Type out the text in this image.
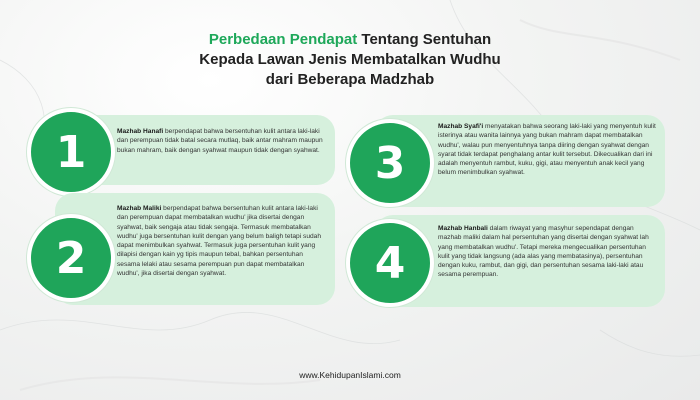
Perbedaan Pendapat Tentang Sentuhan
Kepada Lawan Jenis Membatalkan Wudhu
dari Beberapa Madzhab
1	Mazhab Hanafi berpendapat bahwa bersentuhan kulit antara laki-laki dan perempuan tidak batal secara mutlaq, baik antar mahram maupun bukan mahram, baik dengan syahwat maupun tidak dengan syahwat.
2
Mazhab Maliki berpendapat bahwa bersentuhan kulit antara laki-laki dan perempuan dapat membatalkan wudhu' jika disertai dengan syahwat, baik sengaja atau tidak sengaja. Termasuk membatalkan wudhu' juga bersentuhan kulit dengan yang belum baligh tetapi sudah dapat menimbulkan syahwat. Termasuk juga persentuhan kulit yang dilapisi dengan kain yg tipis maupun tebal, bahkan persentuhan sesama lelaki atau sesama perempuan pun dapat membatalkan wudhu', jika disertai dengan syahwat.
3
Mazhab Syafi'i menyatakan bahwa seorang laki-laki yang menyentuh kulit isterinya atau wanita lainnya yang bukan mahram dapat membatalkan wudhu', walau pun menyentuhnya tanpa diiring dengan syahwat dengan syarat tidak terdapat penghalang antar kulit tersebut. Dikecualikan dari ini adalah menyentuh rambut, kuku, gigi, atau menyentuh anak kecil yang belum menimbulkan syahwat.
4
Mazhab Hanbali dalam riwayat yang masyhur sependapat dengan mazhab maliki dalam hal persentuhan yang disertai dengan syahwat lah yang membatalkan wudhu'. Tetapi mereka mengecualikan persentuhan kulit yang tidak langsung (ada alas yang membatasinya), persentuhan dengan kuku, rambut, dan gigi, dan persentuhan sesama laki-laki atau sesama perempuan.
www.KehidupanIslami.com
